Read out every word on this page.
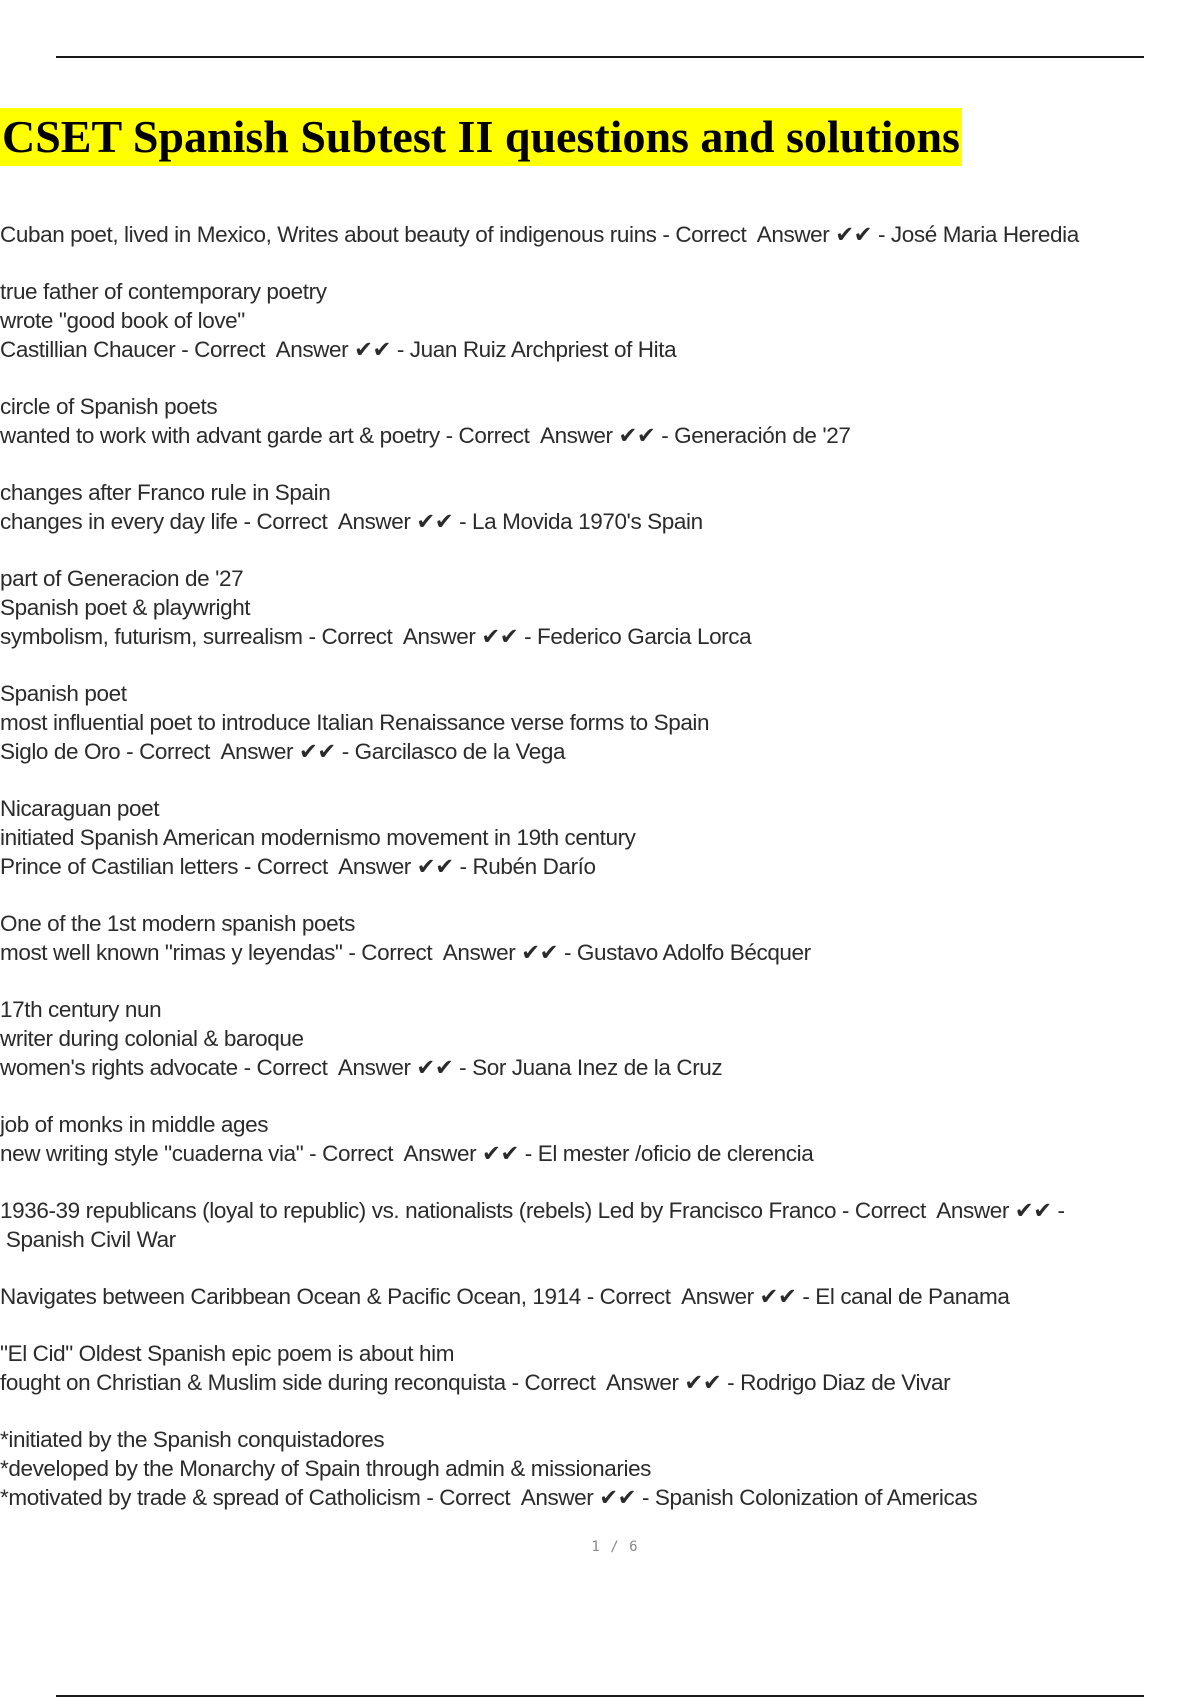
CSET Spanish Subtest II questions and solutions
Cuban poet, lived in Mexico, Writes about beauty of indigenous ruins - Correct  Answer ✔✔ - José Maria Heredia
true father of contemporary poetry
wrote "good book of love"
Castillian Chaucer - Correct  Answer ✔✔ - Juan Ruiz Archpriest of Hita
circle of Spanish poets
wanted to work with advant garde art & poetry - Correct  Answer ✔✔ - Generación de '27
changes after Franco rule in Spain
changes in every day life - Correct  Answer ✔✔ - La Movida 1970's Spain
part of Generacion de '27
Spanish poet & playwright
symbolism, futurism, surrealism - Correct  Answer ✔✔ - Federico Garcia Lorca
Spanish poet
most influential poet to introduce Italian Renaissance verse forms to Spain
Siglo de Oro - Correct  Answer ✔✔ - Garcilasco de la Vega
Nicaraguan poet
initiated Spanish American modernismo movement in 19th century
Prince of Castilian letters - Correct  Answer ✔✔ - Rubén Darío
One of the 1st modern spanish poets
most well known "rimas y leyendas" - Correct  Answer ✔✔ - Gustavo Adolfo Bécquer
17th century nun
writer during colonial & baroque
women's rights advocate - Correct  Answer ✔✔ - Sor Juana Inez de la Cruz
job of monks in middle ages
new writing style "cuaderna via" - Correct  Answer ✔✔ - El mester /oficio de clerencia
1936-39 republicans (loyal to republic) vs. nationalists (rebels) Led by Francisco Franco - Correct  Answer ✔✔ -
Spanish Civil War
Navigates between Caribbean Ocean & Pacific Ocean, 1914 - Correct  Answer ✔✔ - El canal de Panama
"El Cid" Oldest Spanish epic poem is about him
fought on Christian & Muslim side during reconquista - Correct  Answer ✔✔ - Rodrigo Diaz de Vivar
*initiated by the Spanish conquistadores
*developed by the Monarchy of Spain through admin & missionaries
*motivated by trade & spread of Catholicism - Correct  Answer ✔✔ - Spanish Colonization of Americas
1 / 6
